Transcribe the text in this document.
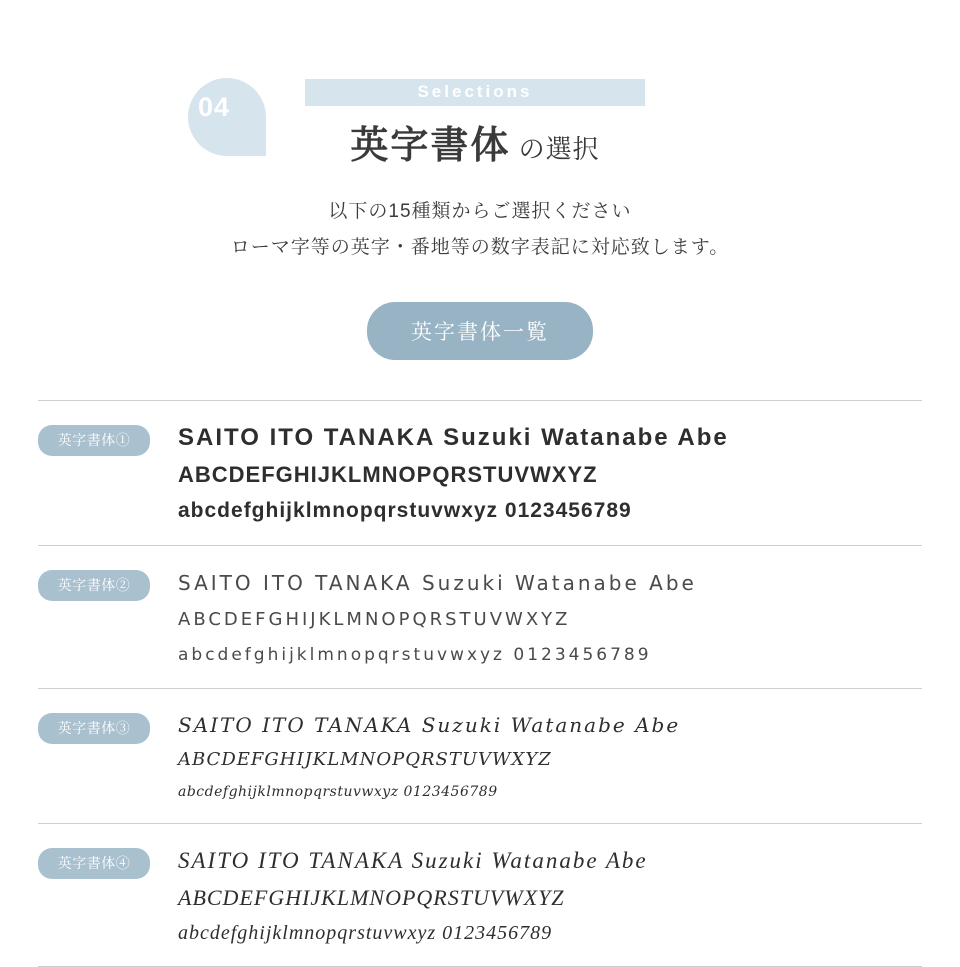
04
Selections
英字書体 の選択
以下の15種類からご選択ください
ローマ字等の英字・番地等の数字表記に対応致します。
英字書体一覧
英字書体①	SAITO ITO TANAKA Suzuki Watanabe Abe
ABCDEFGHIJKLMNOPQRSTUVWXYZ
abcdefghijklmnopqrstuvwxyz 0123456789
英字書体②	SAITO ITO TANAKA Suzuki Watanabe Abe
ABCDEFGHIJKLMNOPQRSTUVWXYZ
abcdefghijklmnopqrstuvwxyz 0123456789
英字書体③	SAITO ITO TANAKA Suzuki Watanabe Abe
ABCDEFGHIJKLMNOPQRSTUVWXYZ
abcdefghijklmnopqrstuvwxyz 0123456789
英字書体④	SAITO ITO TANAKA Suzuki Watanabe Abe
ABCDEFGHIJKLMNOPQRSTUVWXYZ
abcdefghijklmnopqrstuvwxyz 0123456789
